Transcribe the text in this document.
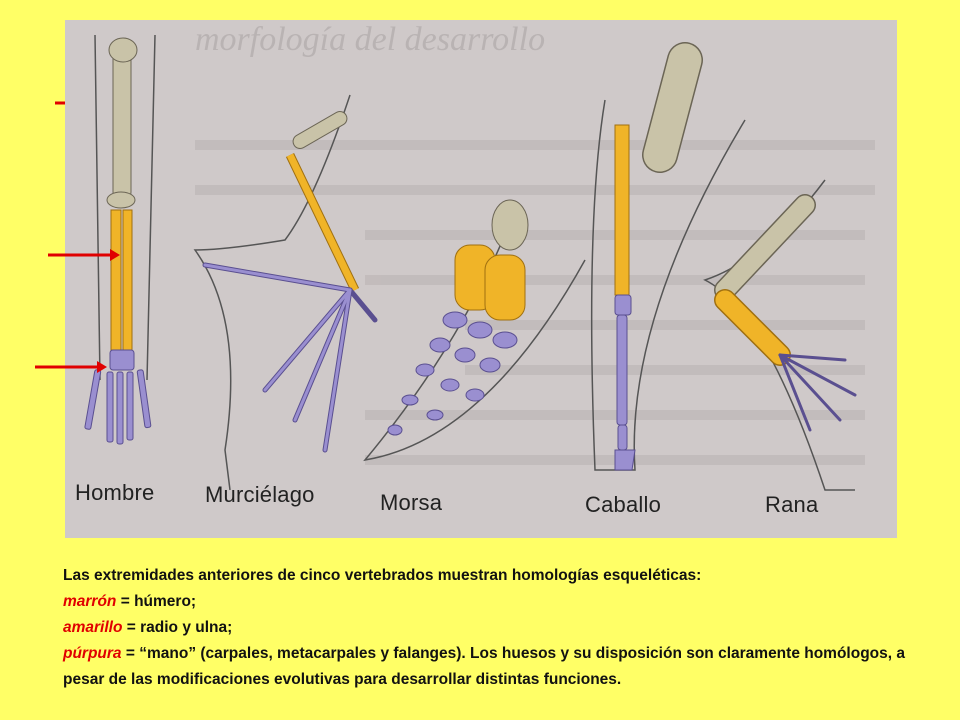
morfología del desarrollo
Hombre Murciélago	Morsa	Caballo	Rana
Las extremidades anteriores de cinco vertebrados muestran homologías esqueléticas:
marrón = húmero;
amarillo = radio y ulna;
púrpura = “mano” (carpales, metacarpales y falanges). Los huesos y su disposición son claramente homólogos, a pesar de las modificaciones evolutivas para desarrollar distintas funciones.
